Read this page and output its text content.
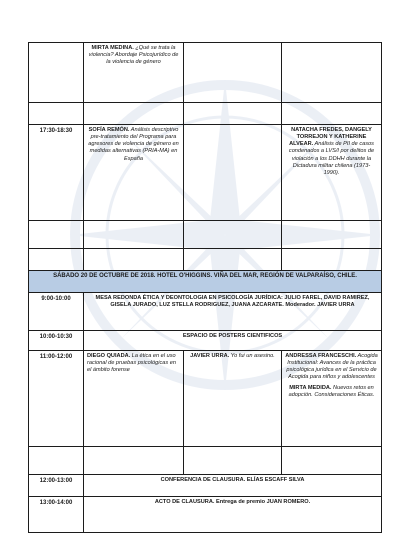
	MIRTA MEDINA. ¿Qué se trata la violencia? Abordaje Psicojurídico de la violencia de género		

17:30-18:30	SOFÍA REMÓN. Análisis descriptivo pre-tratamiento del Programa para agresores de violencia de género en medidas alternativas (PRIA-MA) en España		NATACHA FREDES, DANGELY TORREJON Y KATHERINE ALVEAR. Análisis de PII de casos condenados a LVS/I por delitos de violación a los DDHH durante la Dictadura militar chilena (1973-1990).

SÁBADO 20 DE OCTUBRE DE 2018. HOTEL O'HIGGINS. VIÑA DEL MAR, REGIÓN DE VALPARAÍSO, CHILE.			
9:00-10:00	MESA REDONDA ÉTICA Y DEONTOLOGIA EN PSICOLOGÍA JURÍDICA: JULIO FAREL, DAVID RAMIREZ, GISELA JURADO, LUZ STELLA RODRIGUEZ, JUANA AZCARATE. Moderador. JAVIER URRA		
10:00-10:30	ESPACIO DE POSTERS CIENTIFICOS		
11:00-12:00	DIEGO QUIADA. La ética en el uso racional de pruebas psicológicas en el ámbito forense	JAVIER URRA. Yo fui un asesino.	ANDRESSA FRANCESCHI. Acogida Institucional: Avances de la práctica psicológica jurídica en el Servicio de Acogida para niños y adolescentes
MIRTA MEDIDA. Nuevos retos en adopción. Consideraciones Éticas.

12:00-13:00	CONFERENCIA DE CLAUSURA. ELÍAS ESCAFF SILVA		
13:00-14:00	ACTO DE CLAUSURA. Entrega de premio JUAN ROMERO.		
